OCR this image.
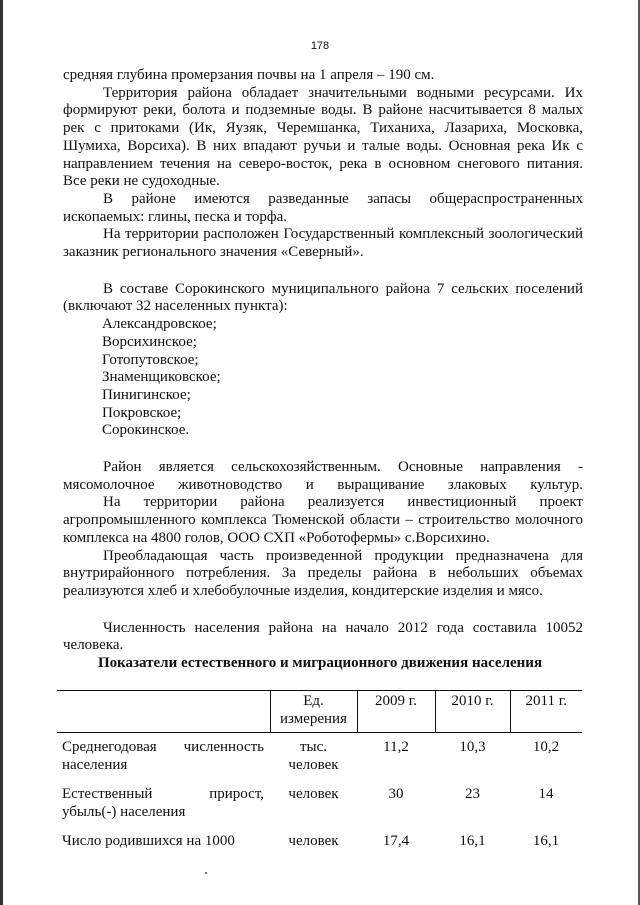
178

средняя глубина промерзания почвы на 1 апреля – 190 см.

Территория района обладает значительными водными ресурсами. Их формируют реки, болота и подземные воды. В районе насчитывается 8 малых рек с притоками (Ик, Яузяк, Черемшанка, Тиханиха, Лазариха, Московка, Шумиха, Ворсиха). В них впадают ручьи и талые воды. Основная река Ик с направлением течения на северо-восток, река в основном снегового питания. Все реки не судоходные.

В районе имеются разведанные запасы общераспространенных ископаемых: глины, песка и торфа.

На территории расположен Государственный комплексный зоологический заказник регионального значения «Северный».

В составе Сорокинского муниципального района 7 сельских поселений (включают 32 населенных пункта):

Александровское;
Ворсихинское;
Готопутовское;
Знаменщиковское;
Пинигинское;
Покровское;
Сорокинское.

Район является сельскохозяйственным. Основные направления - мясомолочное животноводство и выращивание злаковых культур.

На территории района реализуется инвестиционный проект агропромышленного комплекса Тюменской области – строительство молочного комплекса на 4800 голов, ООО СХП «Роботофермы» с.Ворсихино.

Преобладающая часть произведенной продукции предназначена для внутрирайонного потребления. За пределы района в небольших объемах реализуются хлеб и хлебобулочные изделия, кондитерские изделия и мясо.

Численность населения района на начало 2012 года составила 10052 человека.

Показатели естественного и миграционного движения населения
	Ед. измерения	2009 г.	2010 г.	2011 г.
Среднегодовая численность населения	тыс. человек	11,2	10,3	10,2
Естественный прирост, убыль(-) населения	человек	30	23	14
Число родившихся на 1000	человек	17,4	16,1	16,1
